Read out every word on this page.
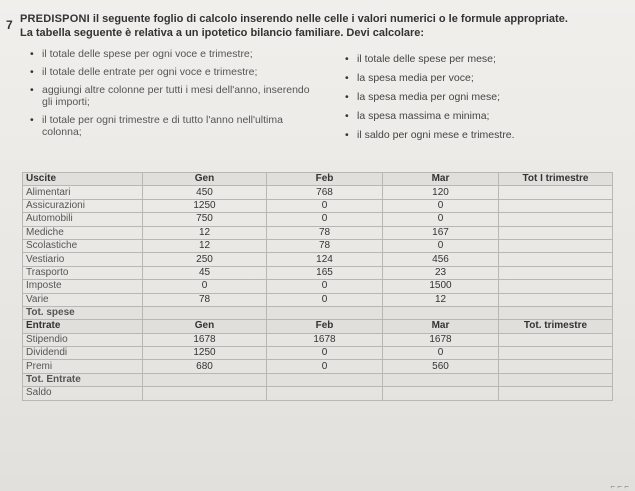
7 PREDISPONI il seguente foglio di calcolo inserendo nelle celle i valori numerici o le formule appropriate.
La tabella seguente è relativa a un ipotetico bilancio familiare. Devi calcolare:
• il totale delle spese per ogni voce e trimestre;
• il totale delle entrate per ogni voce e trimestre;
• aggiungi altre colonne per tutti i mesi dell'anno, inserendo gli importi;
• il totale per ogni trimestre e di tutto l'anno nell'ultima colonna;
• il totale delle spese per mese;
• la spesa media per voce;
• la spesa media per ogni mese;
• la spesa massima e minima;
• il saldo per ogni mese e trimestre.
Uscite	Gen	Feb	Mar	Tot I trimestre
Alimentari	450	768	120	
Assicurazioni	1250	0	0	
Automobili	750	0	0	
Mediche	12	78	167	
Scolastiche	12	78	0	
Vestiario	250	124	456	
Trasporto	45	165	23	
Imposte	0	0	1500	
Varie	78	0	12	
Tot. spese				
Entrate	Gen	Feb	Mar	Tot. trimestre
Stipendio	1678	1678	1678	
Dividendi	1250	0	0	
Premi	680	0	560	
Tot. Entrate				
Saldo				
⌐ ⌐ ⌐
